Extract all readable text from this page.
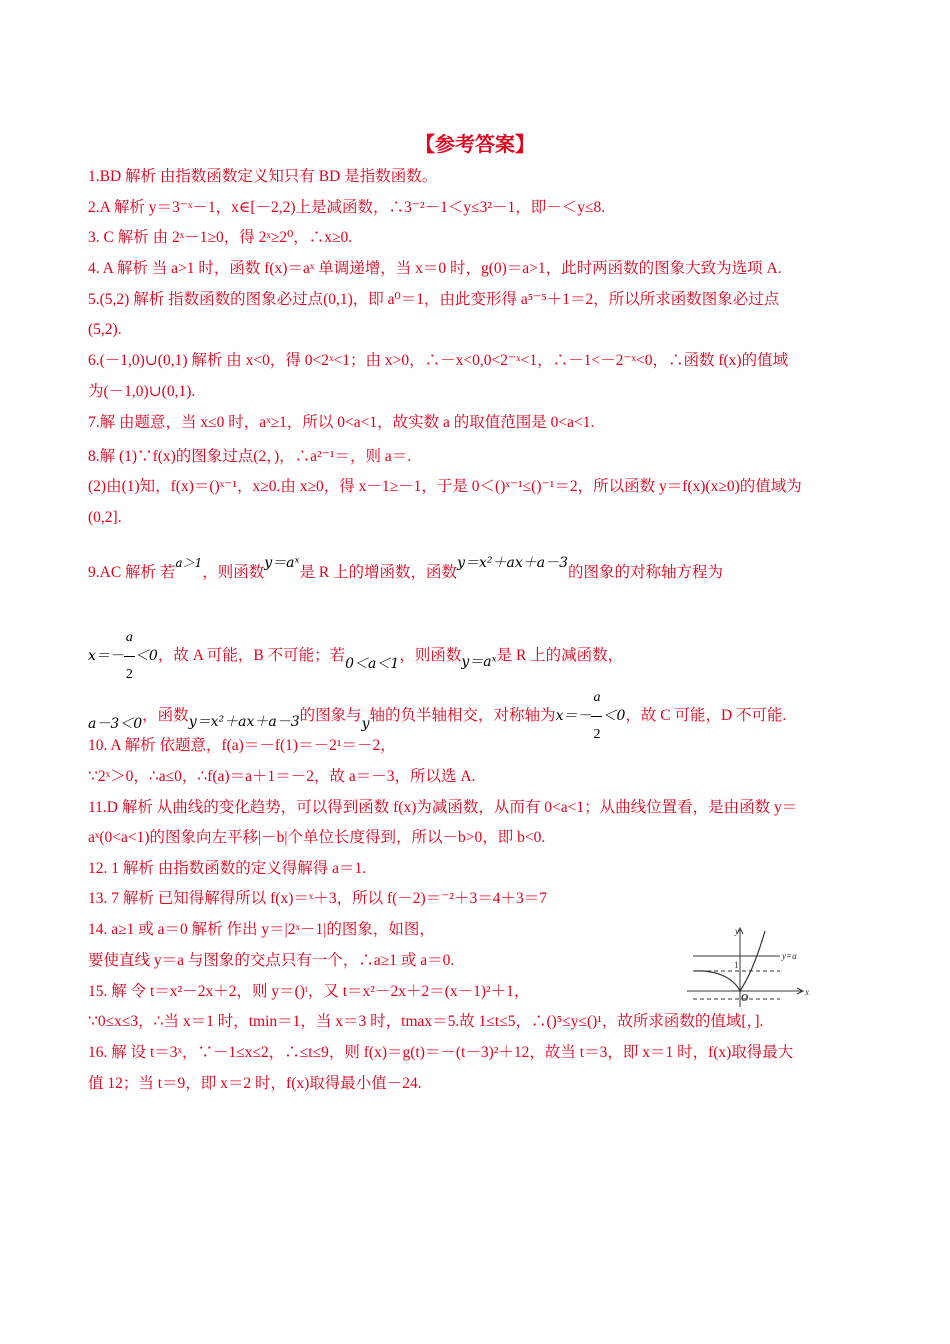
【参考答案】
1.BD 解析 由指数函数定义知只有 BD 是指数函数。
2.A 解析 y＝3⁻ˣ－1，x∈[－2,2)上是减函数，∴3⁻²－1＜y≤3²－1，即－＜y≤8.
3. C 解析 由 2ˣ－1≥0，得 2ˣ≥2⁰，∴x≥0.
4. A 解析 当 a>1 时，函数 f(x)＝aˣ 单调递增，当 x＝0 时，g(0)＝a>1，此时两函数的图象大致为选项 A.
5.(5,2) 解析 指数函数的图象必过点(0,1)，即 a⁰＝1，由此变形得 a⁵⁻⁵＋1＝2，所以所求函数图象必过点
(5,2).
6.(－1,0)∪(0,1) 解析 由 x<0，得 0<2ˣ<1；由 x>0，∴－x<0,0<2⁻ˣ<1，∴－1<－2⁻ˣ<0，∴函数 f(x)的值域
为(－1,0)∪(0,1).
7.解 由题意，当 x≤0 时，aˣ≥1，所以 0<a<1，故实数 a 的取值范围是 0<a<1.
8.解 (1)∵f(x)的图象过点(2，)，∴a²⁻¹＝，则 a＝.
(2)由(1)知，f(x)＝()ˣ⁻¹，x≥0.由 x≥0，得 x－1≥－1，于是 0＜()ˣ⁻¹≤()⁻¹＝2，所以函数 y＝f(x)(x≥0)的值域为
(0,2].
9.AC 解析 若$^{a>1}$，则函数y＝aˣ是 R 上的增函数，函数y＝x²＋ax＋a－3的图象的对称轴方程为
$x=- \frac{a}{2} <0$，故 A 可能，B 不可能；若0＜a＜1，则函数y＝aˣ是 R 上的减函数，
a－3＜0，函数y＝x²＋ax＋a－3的图象与y轴的负半轴相交，对称轴为$x=- \frac{a}{2} <0$，故 C 可能，D 不可能.
10. A 解析 依题意，f(a)＝－f(1)＝－2¹＝－2，
∵2ˣ＞0，∴a≤0，∴f(a)＝a＋1＝－2，故 a＝－3，所以选 A.
11.D 解析 从曲线的变化趋势，可以得到函数 f(x)为减函数，从而有 0<a<1；从曲线位置看，是由函数 y＝
aˣ(0<a<1)的图象向左平移|－b|个单位长度得到，所以－b>0，即 b<0.
12. 1 解析 由指数函数的定义得解得 a＝1.
13. 7 解析 已知得解得所以 f(x)＝ˣ＋3，所以 f(－2)＝⁻²＋3＝4＋3＝7
14. a≥1 或 a＝0 解析 作出 y＝|2ˣ－1|的图象，如图，
要使直线 y＝a 与图象的交点只有一个，∴a≥1 或 a＝0.
15. 解 令 t＝x²－2x＋2，则 y＝()ᵗ，又 t＝x²－2x＋2＝(x－1)²＋1，
∵0≤x≤3，∴当 x＝1 时，tmin＝1，当 x＝3 时，tmax＝5.故 1≤t≤5，∴()⁵≤y≤()¹，故所求函数的值域[，].
16. 解 设 t＝3ˣ，∵－1≤x≤2，∴≤t≤9，则 f(x)＝g(t)＝－(t－3)²＋12，故当 t＝3，即 x＝1 时，f(x)取得最大
值 12；当 t＝9，即 x＝2 时，f(x)取得最小值－24.
y
x
O
1
y=a
